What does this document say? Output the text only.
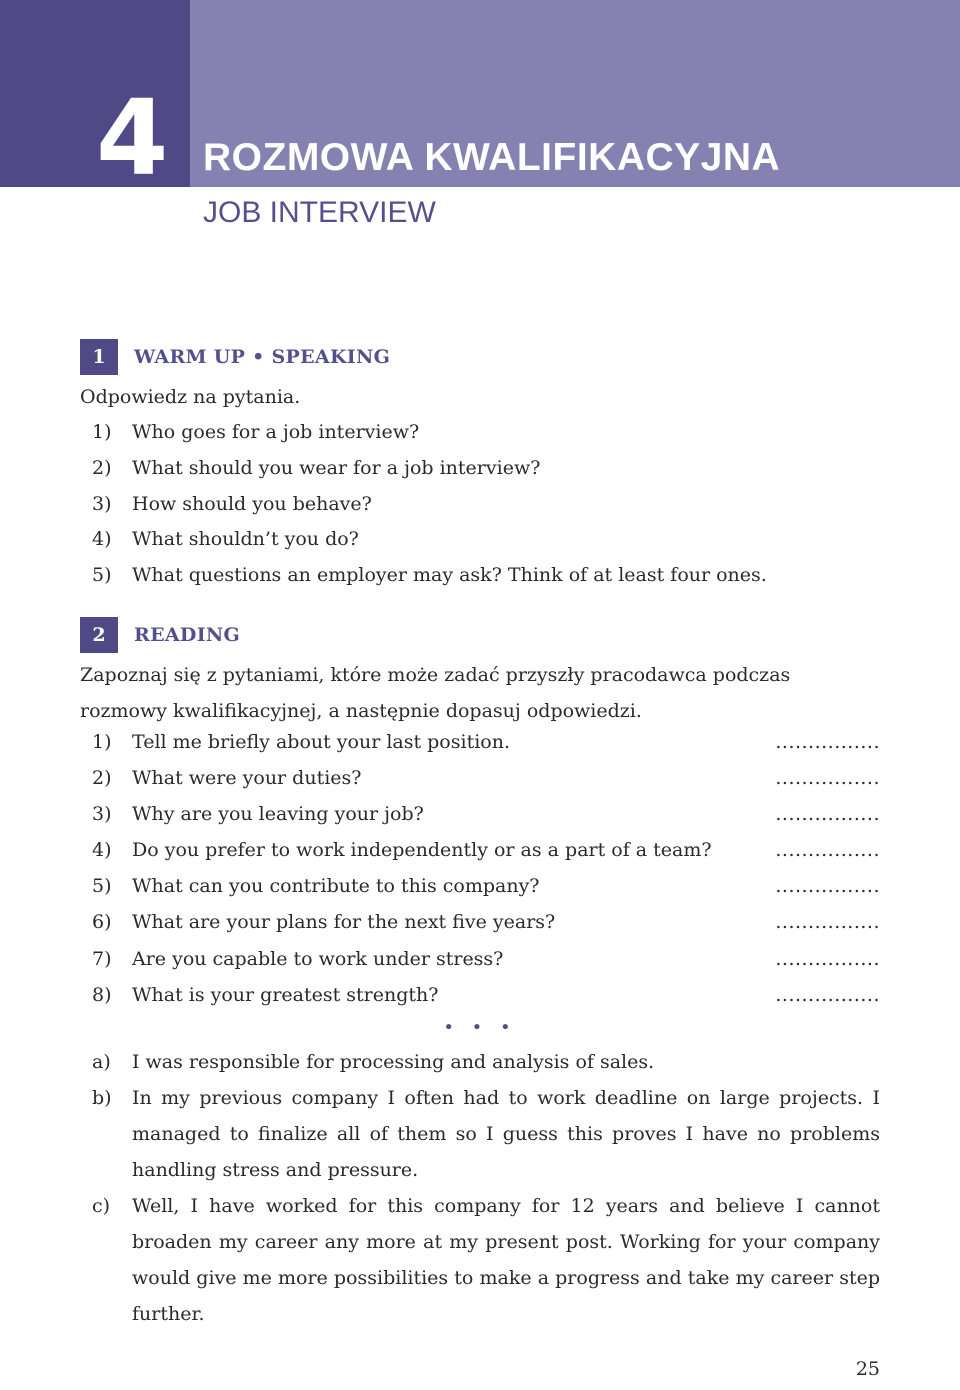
4 ROZMOWA KWALIFIKACYJNA
JOB INTERVIEW
1	WARM UP • SPEAKING
Odpowiedz na pytania.
1) Who goes for a job interview?
2) What should you wear for a job interview?
3) How should you behave?
4) What shouldn’t you do?
5) What questions an employer may ask? Think of at least four ones.
2	READING
Zapoznaj się z pytaniami, które może zadać przyszły pracodawca podczas rozmowy kwalifikacyjnej, a następnie dopasuj odpowiedzi.
1) Tell me briefly about your last position.	................
2) What were your duties?	................
3) Why are you leaving your job?	................
4) Do you prefer to work independently or as a part of a team?	................
5) What can you contribute to this company?	................
6) What are your plans for the next five years?	................
7) Are you capable to work under stress?	................
8) What is your greatest strength?	................
• • •
a) I was responsible for processing and analysis of sales.
b) In my previous company I often had to work deadline on large projects. I managed to finalize all of them so I guess this proves I have no problems handling stress and pressure.
c) Well, I have worked for this company for 12 years and believe I cannot broaden my career any more at my present post. Working for your company would give me more possibilities to make a progress and take my career step further.
25
